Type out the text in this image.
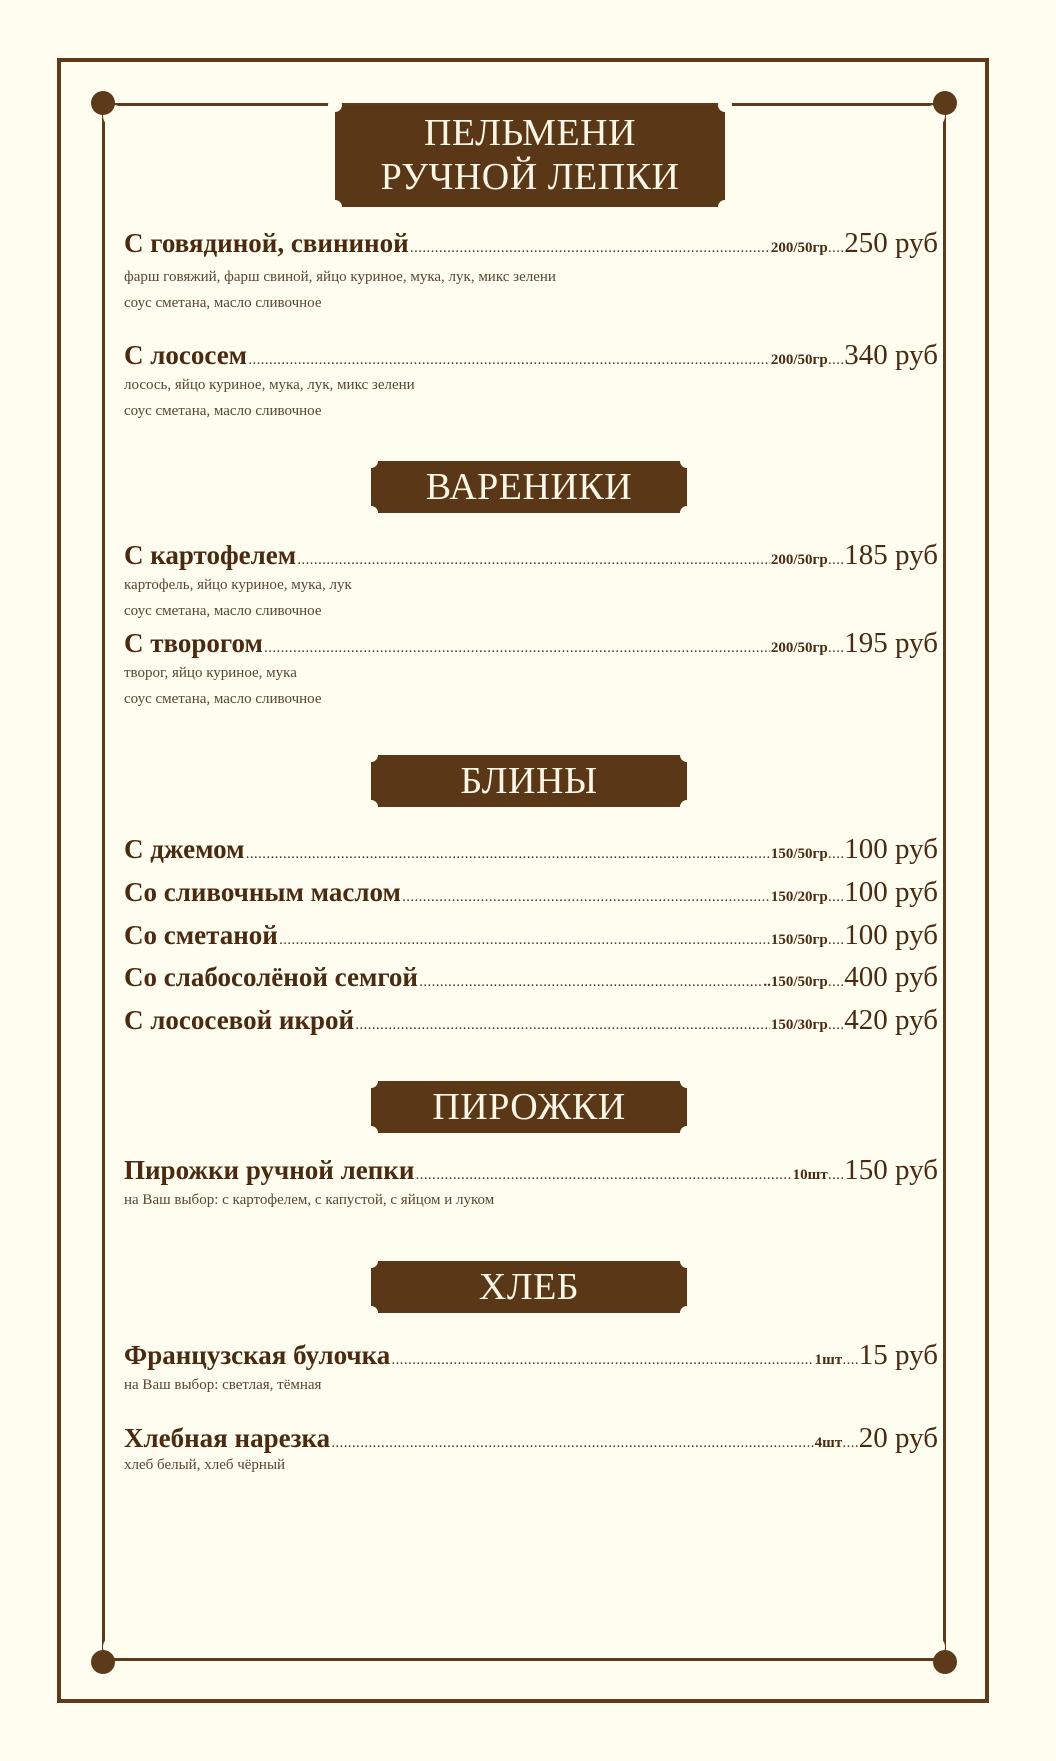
ПЕЛЬМЕНИ
РУЧНОЙ ЛЕПКИ
С говядиной, свининой .....	200/50гр .... 250 руб
фарш говяжий, фарш свиной, яйцо куриное, мука, лук, микс зелени
соус сметана, масло сливочное
С лососем .....	200/50гр .... 340 руб
лосось, яйцо куриное, мука, лук, микс зелени
соус сметана, масло сливочное
ВАРЕНИКИ
С картофелем .....	200/50гр .... 185 руб
картофель, яйцо куриное, мука, лук
соус сметана, масло сливочное
С творогом .....	200/50гр .... 195 руб
творог, яйцо куриное, мука
соус сметана, масло сливочное
БЛИНЫ
С джемом .....	150/50гр .... 100 руб
Со сливочным маслом .....	150/20гр .... 100 руб
Со сметаной .....	150/50гр .... 100 руб
Со слабосолёной семгой .....	..150/50гр .... 400 руб
С лососевой икрой .....	150/30гр .... 420 руб
ПИРОЖКИ
Пирожки ручной лепки .....	10шт .... 150 руб
на Ваш выбор: с картофелем, с капустой, с яйцом и луком
ХЛЕБ
Французская булочка .....	1шт .... 15 руб
на Ваш выбор: светлая, тёмная
Хлебная нарезка .....	4шт .... 20 руб
хлеб белый, хлеб чёрный
